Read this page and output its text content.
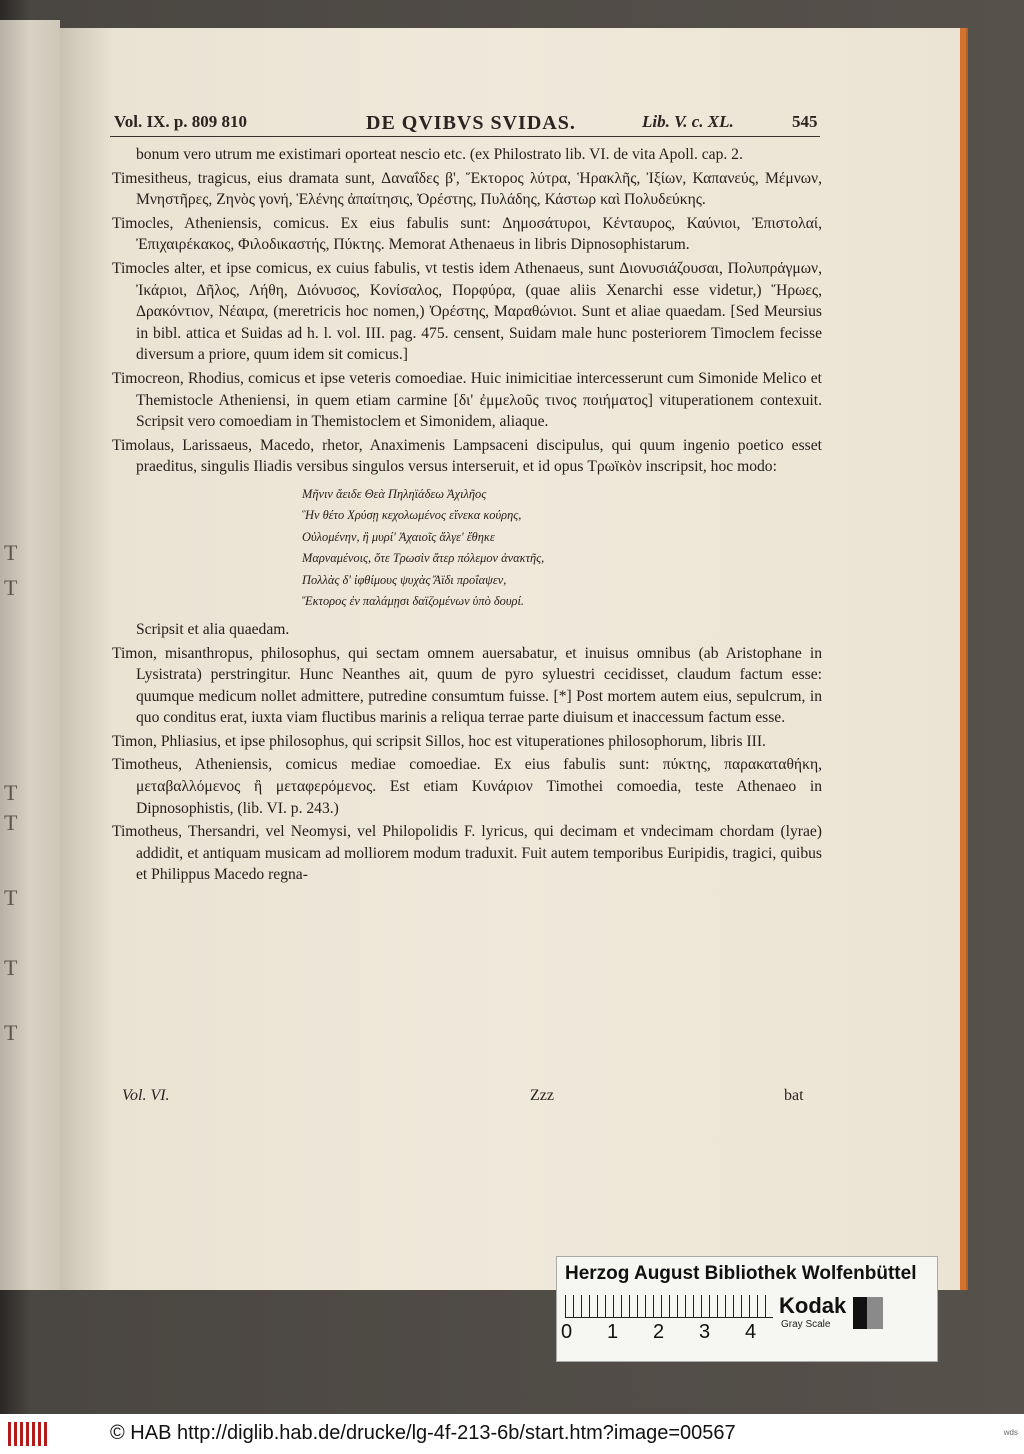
T
T
T
T
T
T
T
Vol. IX. p. 809 810	DE QVIBVS SVIDAS.	Lib. V. c. XL.	545

bonum vero utrum me existimari oporteat nescio etc. (ex Philostrato lib. VI. de vita Apoll. cap. 2.

Timesitheus, tragicus, eius dramata sunt, Δαναΐδες β', Ἕκτορος λύτρα, Ἡρακλῆς, Ἰξίων, Καπανεύς, Μέμνων, Μνηστῆρες, Ζηνὸς γονή, Ἑλένης ἀπαίτησις, Ὀρέστης, Πυλάδης, Κάστωρ καὶ Πολυδεύκης.

Timocles, Atheniensis, comicus. Ex eius fabulis sunt: Δημοσάτυροι, Κένταυρος, Καύνιοι, Ἐπιστολαί, Ἐπιχαιρέκακος, Φιλοδικαστής, Πύκτης. Memorat Athenaeus in libris Dipnosophistarum.

Timocles alter, et ipse comicus, ex cuius fabulis, vt testis idem Athenaeus, sunt Διονυσιάζουσαι, Πολυπράγμων, Ἰκάριοι, Δῆλος, Λήθη, Διόνυσος, Κονίσαλος, Πορφύρα, (quae aliis Xenarchi esse videtur,) Ἥρωες, Δρακόντιον, Νέαιρα, (meretricis hoc nomen,) Ὀρέστης, Μαραθώνιοι. Sunt et aliae quaedam. [Sed Meursius in bibl. attica et Suidas ad h. l. vol. III. pag. 475. censent, Suidam male hunc posteriorem Timoclem fecisse diversum a priore, quum idem sit comicus.]

Timocreon, Rhodius, comicus et ipse veteris comoediae. Huic inimicitiae intercesserunt cum Simonide Melico et Themistocle Atheniensi, in quem etiam carmine [δι' ἐμμελοῦς τινος ποιήματος] vituperationem contexuit. Scripsit vero comoediam in Themistoclem et Simonidem, aliaque.

Timolaus, Larissaeus, Macedo, rhetor, Anaximenis Lampsaceni discipulus, qui quum ingenio poetico esset praeditus, singulis Iliadis versibus singulos versus interseruit, et id opus Τρωϊκὸν inscripsit, hoc modo:

Μῆνιν ἄειδε Θεὰ Πηληϊάδεω Ἀχιλῆος
Ἣν θέτο Χρύσῃ κεχολωμένος εἵνεκα κούρης,
Οὐλομένην, ἣ μυρί' Ἀχαιοῖς ἄλγε' ἔθηκε
Μαρναμένοις, ὅτε Τρωσὶν ἄτερ πόλεμον ἀνακτῆς,
Πολλὰς δ' ἰφθίμους ψυχὰς Ἄϊδι προΐαψεν,
Ἕκτορος ἐν παλάμῃσι δαϊζομένων ὑπὸ δουρί.

Scripsit et alia quaedam.

Timon, misanthropus, philosophus, qui sectam omnem auersabatur, et inuisus omnibus (ab Aristophane in Lysistrata) perstringitur. Hunc Neanthes ait, quum de pyro syluestri cecidisset, claudum factum esse: quumque medicum nollet admittere, putredine consumtum fuisse. [*] Post mortem autem eius, sepulcrum, in quo conditus erat, iuxta viam fluctibus marinis a reliqua terrae parte diuisum et inaccessum factum esse.

Timon, Phliasius, et ipse philosophus, qui scripsit Sillos, hoc est vituperationes philosophorum, libris III.

Timotheus, Atheniensis, comicus mediae comoediae. Ex eius fabulis sunt: πύκτης, παρακαταθήκη, μεταβαλλόμενος ἢ μεταφερόμενος. Est etiam Κυνάριον Timothei comoedia, teste Athenaeo in Dipnosophistis, (lib. VI. p. 243.)

Timotheus, Thersandri, vel Neomysi, vel Philopolidis F. lyricus, qui decimam et vndecimam chordam (lyrae) addidit, et antiquam musicam ad molliorem modum traduxit. Fuit autem temporibus Euripidis, tragici, quibus et Philippus Macedo regna-

Vol. VI.	Zzz	bat
Herzog August Bibliothek Wolfenbüttel
0 1 2 3 4
Kodak
Gray Scale
© HAB http://diglib.hab.de/drucke/lg-4f-213-6b/start.htm?image=00567	wds
